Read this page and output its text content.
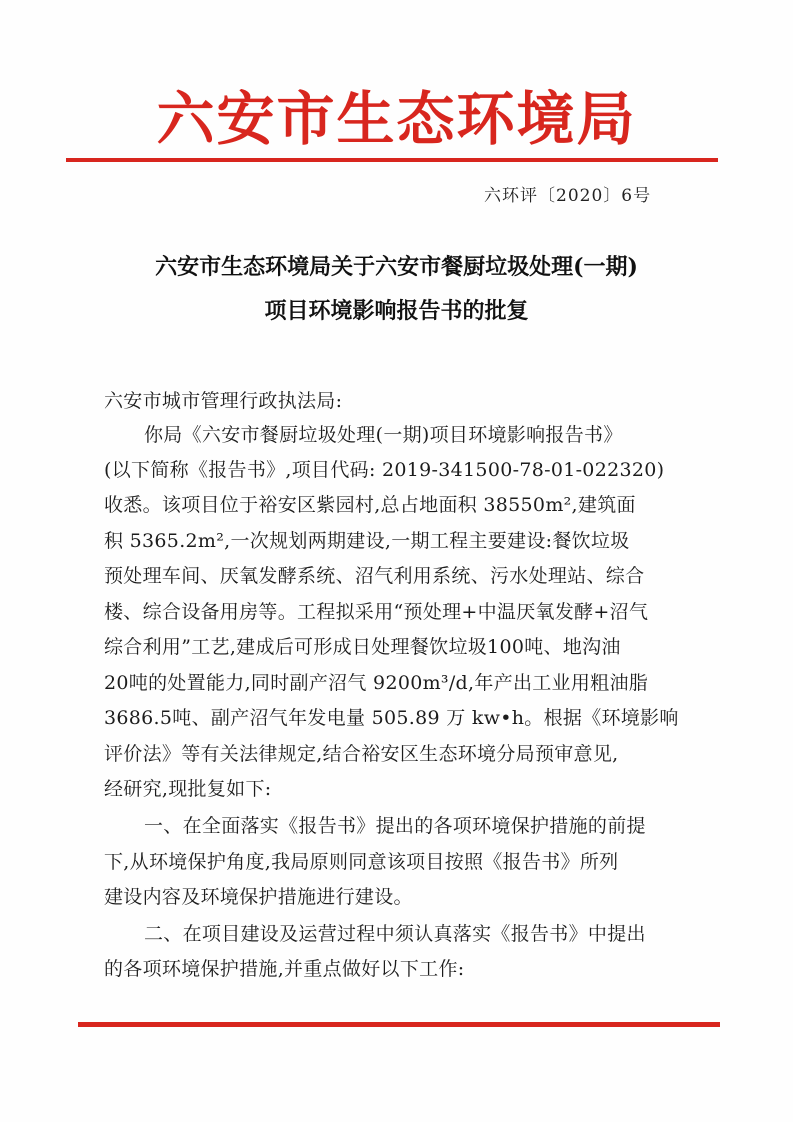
六安市生态环境局
六环评〔2020〕6号
六安市生态环境局关于六安市餐厨垃圾处理(一期)
项目环境影响报告书的批复
六安市城市管理行政执法局:
你局《六安市餐厨垃圾处理(一期)项目环境影响报告书》
(以下简称《报告书》,项目代码: 2019-341500-78-01-022320)
收悉。该项目位于裕安区紫园村,总占地面积 38550m²,建筑面
积 5365.2m²,一次规划两期建设,一期工程主要建设:餐饮垃圾
预处理车间、厌氧发酵系统、沼气利用系统、污水处理站、综合
楼、综合设备用房等。工程拟采用“预处理+中温厌氧发酵+沼气
综合利用”工艺,建成后可形成日处理餐饮垃圾100吨、地沟油
20吨的处置能力,同时副产沼气 9200m³/d,年产出工业用粗油脂
3686.5吨、副产沼气年发电量 505.89 万 kw•h。根据《环境影响
评价法》等有关法律规定,结合裕安区生态环境分局预审意见,
经研究,现批复如下:
一、在全面落实《报告书》提出的各项环境保护措施的前提
下,从环境保护角度,我局原则同意该项目按照《报告书》所列
建设内容及环境保护措施进行建设。
二、在项目建设及运营过程中须认真落实《报告书》中提出
的各项环境保护措施,并重点做好以下工作:
